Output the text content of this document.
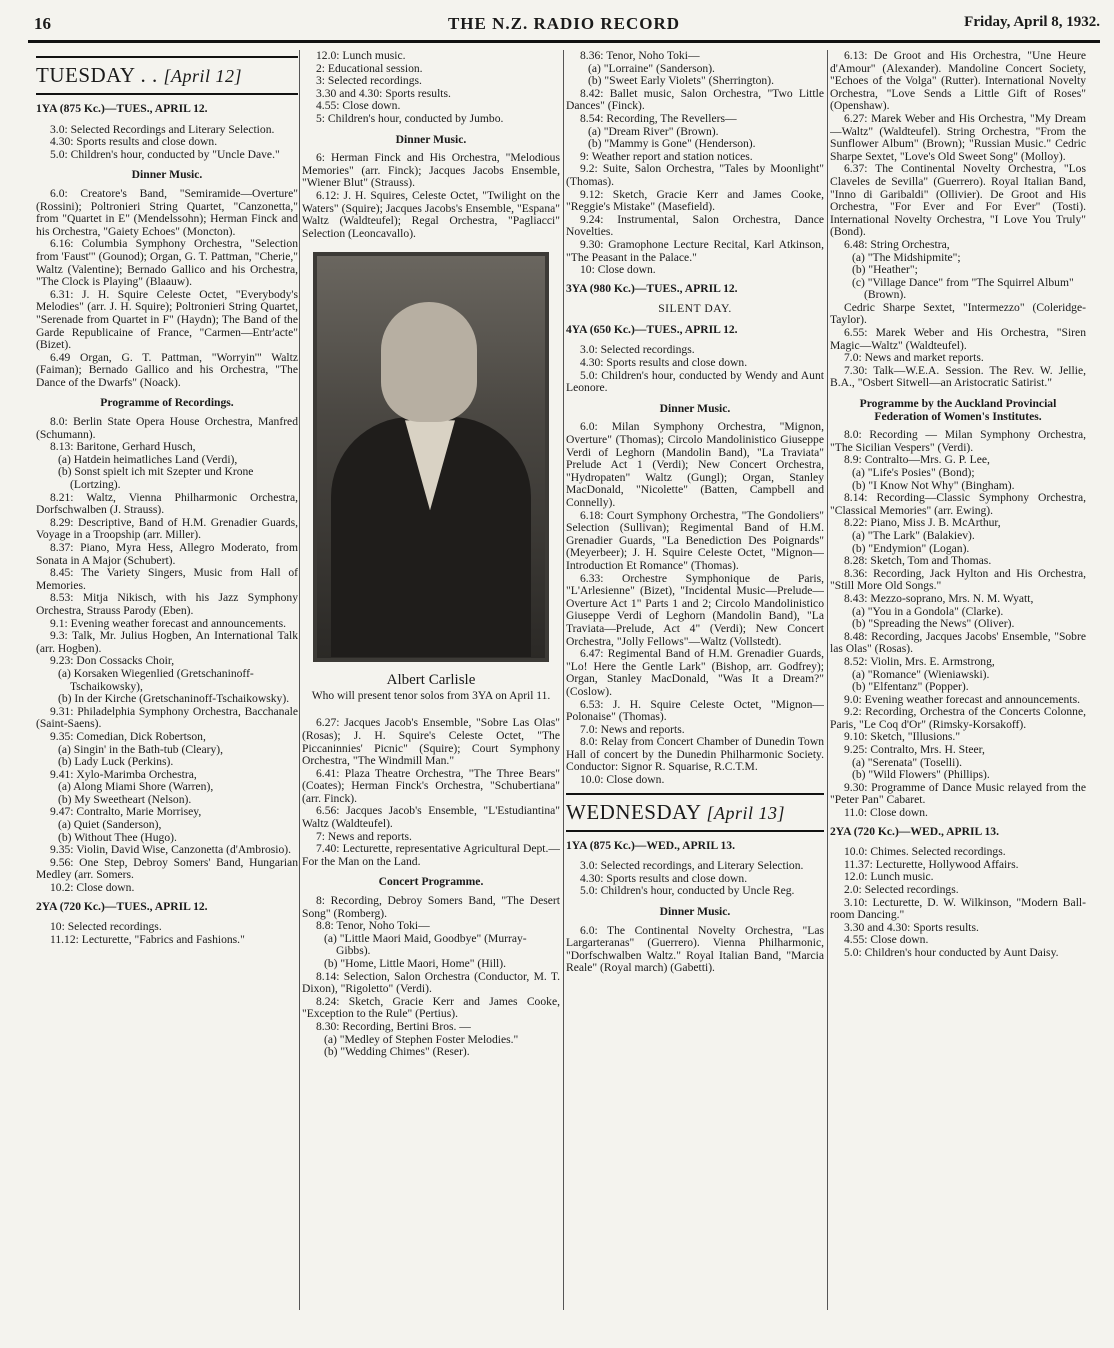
16	THE N.Z. RADIO RECORD	Friday, April 8, 1932.
TUESDAY . . [April 12]
1YA (875 Kc.)—TUES., APRIL 12.

3.0: Selected Recordings and Literary Selection.

4.30: Sports results and close down.

5.0: Children's hour, conducted by "Uncle Dave."

Dinner Music.

6.0: Creatore's Band, "Semiramide—Overture" (Rossini); Poltronieri String Quartet, "Canzonetta," from "Quartet in E" (Mendelssohn); Herman Finck and his Orchestra, "Gaiety Echoes" (Moncton).

6.16: Columbia Symphony Orchestra, "Selection from 'Faust'" (Gounod); Organ, G. T. Pattman, "Cherie," Waltz (Valentine); Bernado Gallico and his Orchestra, "The Clock is Playing" (Blaauw).

6.31: J. H. Squire Celeste Octet, "Everybody's Melodies" (arr. J. H. Squire); Poltronieri String Quartet, "Serenade from Quartet in F" (Haydn); The Band of the Garde Republicaine of France, "Carmen—Entr'acte" (Bizet).

6.49 Organ, G. T. Pattman, "Worryin'" Waltz (Faiman); Bernado Gallico and his Orchestra, "The Dance of the Dwarfs" (Noack).

Programme of Recordings.

8.0: Berlin State Opera House Orchestra, Manfred (Schumann).

8.13: Baritone, Gerhard Husch,

(a) Hatdein heimatliches Land (Verdi),

(b) Sonst spielt ich mit Szepter und Krone (Lortzing).

8.21: Waltz, Vienna Philharmonic Orchestra, Dorfschwalben (J. Strauss).

8.29: Descriptive, Band of H.M. Grenadier Guards, Voyage in a Troopship (arr. Miller).

8.37: Piano, Myra Hess, Allegro Moderato, from Sonata in A Major (Schubert).

8.45: The Variety Singers, Music from Hall of Memories.

8.53: Mitja Nikisch, with his Jazz Symphony Orchestra, Strauss Parody (Eben).

9.1: Evening weather forecast and announcements.

9.3: Talk, Mr. Julius Hogben, An International Talk (arr. Hogben).

9.23: Don Cossacks Choir,

(a) Korsaken Wiegenlied (Gretschaninoff-Tschaikowsky),

(b) In der Kirche (Gretschaninoff-Tschaikowsky).

9.31: Philadelphia Symphony Orchestra, Bacchanale (Saint-Saens).

9.35: Comedian, Dick Robertson,

(a) Singin' in the Bath-tub (Cleary),

(b) Lady Luck (Perkins).

9.41: Xylo-Marimba Orchestra,

(a) Along Miami Shore (Warren),

(b) My Sweetheart (Nelson).

9.47: Contralto, Marie Morrisey,

(a) Quiet (Sanderson),

(b) Without Thee (Hugo).

9.35: Violin, David Wise, Canzonetta (d'Ambrosio).

9.56: One Step, Debroy Somers' Band, Hungarian Medley (arr. Somers.

10.2: Close down.

2YA (720 Kc.)—TUES., APRIL 12.

10: Selected recordings.

11.12: Lecturette, "Fabrics and Fashions."

12.0: Lunch music.

2: Educational session.

3: Selected recordings.

3.30 and 4.30: Sports results.

4.55: Close down.

5: Children's hour, conducted by Jumbo.

Dinner Music.

6: Herman Finck and His Orchestra, "Melodious Memories" (arr. Finck); Jacques Jacobs Ensemble, "Wiener Blut" (Strauss).

6.12: J. H. Squires, Celeste Octet, "Twilight on the Waters" (Squire); Jacques Jacobs's Ensemble, "Espana" Waltz (Waldteufel); Regal Orchestra, "Pagliacci" Selection (Leoncavallo).

Albert Carlisle
Who will present tenor solos from 3YA on April 11.

6.27: Jacques Jacob's Ensemble, "Sobre Las Olas" (Rosas); J. H. Squire's Celeste Octet, "The Piccaninnies' Picnic" (Squire); Court Symphony Orchestra, "The Windmill Man."

6.41: Plaza Theatre Orchestra, "The Three Bears" (Coates); Herman Finck's Orchestra, "Schubertiana" (arr. Finck).

6.56: Jacques Jacob's Ensemble, "L'Estudiantina" Waltz (Waldteufel).

7: News and reports.

7.40: Lecturette, representative Agricultural Dept.—For the Man on the Land.

Concert Programme.

8: Recording, Debroy Somers Band, "The Desert Song" (Romberg).

8.8: Tenor, Noho Toki—

(a) "Little Maori Maid, Goodbye" (Murray-Gibbs).

(b) "Home, Little Maori, Home" (Hill).

8.14: Selection, Salon Orchestra (Conductor, M. T. Dixon), "Rigoletto" (Verdi).

8.24: Sketch, Gracie Kerr and James Cooke, "Exception to the Rule" (Pertius).

8.30: Recording, Bertini Bros. —

(a) "Medley of Stephen Foster Melodies."

(b) "Wedding Chimes" (Reser).

8.36: Tenor, Noho Toki—

(a) "Lorraine" (Sanderson).

(b) "Sweet Early Violets" (Sherrington).

8.42: Ballet music, Salon Orchestra, "Two Little Dances" (Finck).

8.54: Recording, The Revellers—

(a) "Dream River" (Brown).

(b) "Mammy is Gone" (Henderson).

9: Weather report and station notices.

9.2: Suite, Salon Orchestra, "Tales by Moonlight" (Thomas).

9.12: Sketch, Gracie Kerr and James Cooke, "Reggie's Mistake" (Masefield).

9.24: Instrumental, Salon Orchestra, Dance Novelties.

9.30: Gramophone Lecture Recital, Karl Atkinson, "The Peasant in the Palace."

10: Close down.

3YA (980 Kc.)—TUES., APRIL 12.
SILENT DAY.
4YA (650 Kc.)—TUES., APRIL 12.

3.0: Selected recordings.

4.30: Sports results and close down.

5.0: Children's hour, conducted by Wendy and Aunt Leonore.

Dinner Music.

6.0: Milan Symphony Orchestra, "Mignon, Overture" (Thomas); Circolo Mandolinistico Giuseppe Verdi of Leghorn (Mandolin Band), "La Traviata" Prelude Act 1 (Verdi); New Concert Orchestra, "Hydropaten" Waltz (Gungl); Organ, Stanley MacDonald, "Nicolette" (Batten, Campbell and Connelly).

6.18: Court Symphony Orchestra, "The Gondoliers" Selection (Sullivan); Regimental Band of H.M. Grenadier Guards, "La Benediction Des Poignards" (Meyerbeer); J. H. Squire Celeste Octet, "Mignon—Introduction Et Romance" (Thomas).

6.33: Orchestre Symphonique de Paris, "L'Arlesienne" (Bizet), "Incidental Music—Prelude—Overture Act 1" Parts 1 and 2; Circolo Mandolinistico Giuseppe Verdi of Leghorn (Mandolin Band), "La Traviata—Prelude, Act 4" (Verdi); New Concert Orchestra, "Jolly Fellows"—Waltz (Vollstedt).

6.47: Regimental Band of H.M. Grenadier Guards, "Lo! Here the Gentle Lark" (Bishop, arr. Godfrey); Organ, Stanley MacDonald, "Was It a Dream?" (Coslow).

6.53: J. H. Squire Celeste Octet, "Mignon—Polonaise" (Thomas).

7.0: News and reports.

8.0: Relay from Concert Chamber of Dunedin Town Hall of concert by the Dunedin Philharmonic Society. Conductor: Signor R. Squarise, R.C.T.M.

10.0: Close down.

WEDNESDAY [April 13]
1YA (875 Kc.)—WED., APRIL 13.

3.0: Selected recordings, and Literary Selection.

4.30: Sports results and close down.

5.0: Children's hour, conducted by Uncle Reg.

Dinner Music.

6.0: The Continental Novelty Orchestra, "Las Largarteranas" (Guerrero). Vienna Philharmonic, "Dorfschwalben Waltz." Royal Italian Band, "Marcia Reale" (Royal march) (Gabetti).

6.13: De Groot and His Orchestra, "Une Heure d'Amour" (Alexander). Mandoline Concert Society, "Echoes of the Volga" (Rutter). International Novelty Orchestra, "Love Sends a Little Gift of Roses" (Openshaw).

6.27: Marek Weber and His Orchestra, "My Dream—Waltz" (Waldteufel). String Orchestra, "From the Sunflower Album" (Brown); "Russian Music." Cedric Sharpe Sextet, "Love's Old Sweet Song" (Molloy).

6.37: The Continental Novelty Orchestra, "Los Claveles de Sevilla" (Guerrero). Royal Italian Band, "Inno di Garibaldi" (Ollivier). De Groot and His Orchestra, "For Ever and For Ever" (Tosti). International Novelty Orchestra, "I Love You Truly" (Bond).

6.48: String Orchestra,

(a) "The Midshipmite";

(b) "Heather";

(c) "Village Dance" from "The Squirrel Album" (Brown).

Cedric Sharpe Sextet, "Intermezzo" (Coleridge-Taylor).

6.55: Marek Weber and His Orchestra, "Siren Magic—Waltz" (Waldteufel).

7.0: News and market reports.

7.30: Talk—W.E.A. Session. The Rev. W. Jellie, B.A., "Osbert Sitwell—an Aristocratic Satirist."

Programme by the Auckland Provincial Federation of Women's Institutes.

8.0: Recording — Milan Symphony Orchestra, "The Sicilian Vespers" (Verdi).

8.9: Contralto—Mrs. G. P. Lee,

(a) "Life's Posies" (Bond);

(b) "I Know Not Why" (Bingham).

8.14: Recording—Classic Symphony Orchestra, "Classical Memories" (arr. Ewing).

8.22: Piano, Miss J. B. McArthur,

(a) "The Lark" (Balakiev).

(b) "Endymion" (Logan).

8.28: Sketch, Tom and Thomas.

8.36: Recording, Jack Hylton and His Orchestra, "Still More Old Songs."

8.43: Mezzo-soprano, Mrs. N. M. Wyatt,

(a) "You in a Gondola" (Clarke).

(b) "Spreading the News" (Oliver).

8.48: Recording, Jacques Jacobs' Ensemble, "Sobre las Olas" (Rosas).

8.52: Violin, Mrs. E. Armstrong,

(a) "Romance" (Wieniawski).

(b) "Elfentanz" (Popper).

9.0: Evening weather forecast and announcements.

9.2: Recording, Orchestra of the Concerts Colonne, Paris, "Le Coq d'Or" (Rimsky-Korsakoff).

9.10: Sketch, "Illusions."

9.25: Contralto, Mrs. H. Steer,

(a) "Serenata" (Toselli).

(b) "Wild Flowers" (Phillips).

9.30: Programme of Dance Music relayed from the "Peter Pan" Cabaret.

11.0: Close down.

2YA (720 Kc.)—WED., APRIL 13.

10.0: Chimes. Selected recordings.

11.37: Lecturette, Hollywood Affairs.

12.0: Lunch music.

2.0: Selected recordings.

3.10: Lecturette, D. W. Wilkinson, "Modern Ball-room Dancing."

3.30 and 4.30: Sports results.

4.55: Close down.

5.0: Children's hour conducted by Aunt Daisy.
